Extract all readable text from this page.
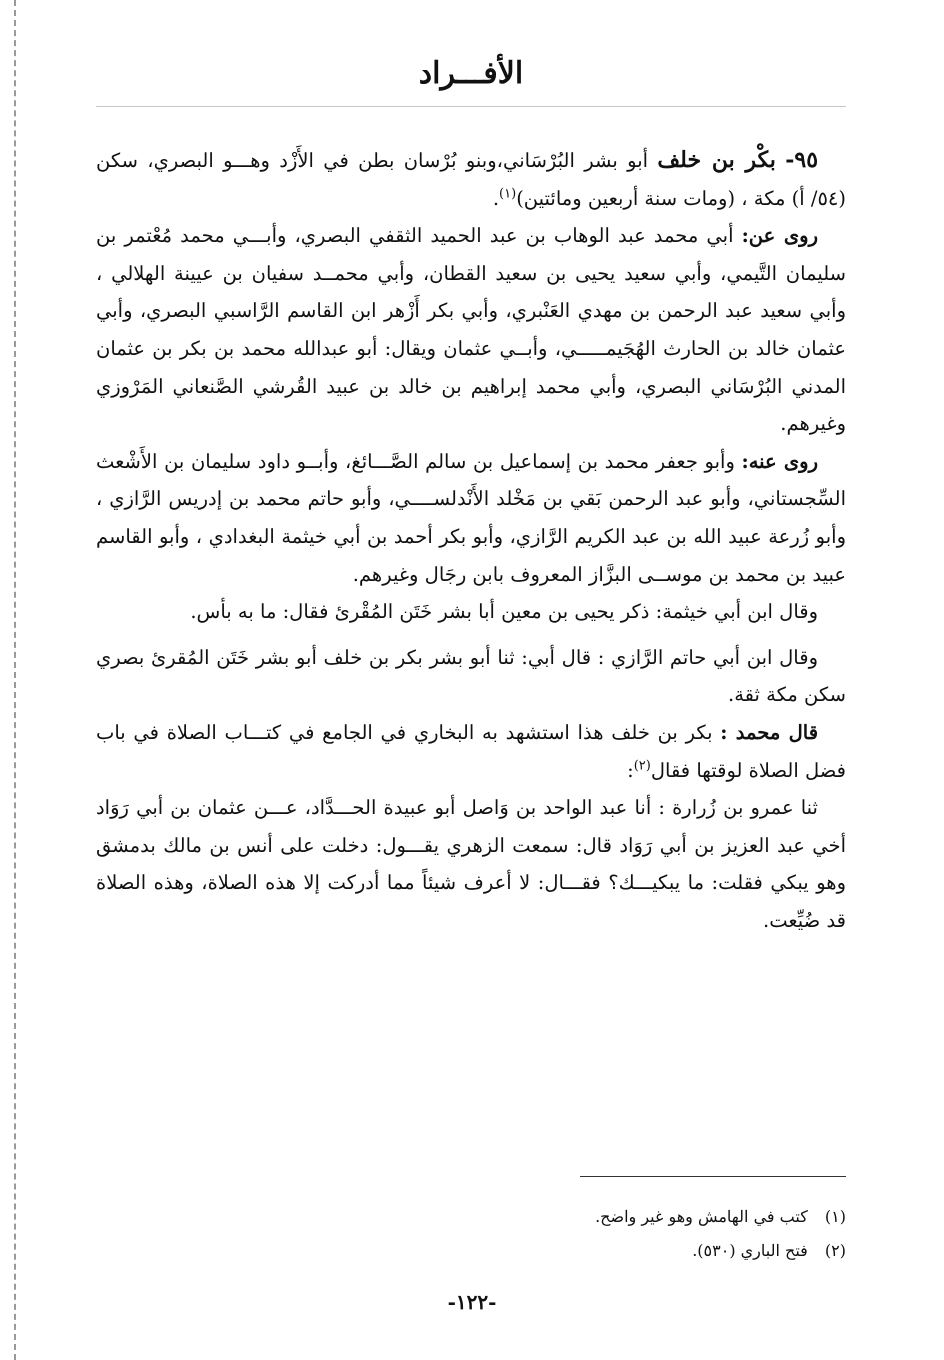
الأفـــراد

٩٥- بكْر بن خلف أبو بشر البُرْسَاني،وبنو بُرْسان بطن في الأَزْد وهـــو البصري، سكن (٥٤/ أ) مكة ، (ومات سنة أربعين ومائتين)$^{(١)}$.

روى عن: أبي محمد عبد الوهاب بن عبد الحميد الثقفي البصري، وأبـــي محمد مُعْتمر بن سليمان التَّيمي، وأبي سعيد يحيى بن سعيد القطان، وأبي محمــد سفيان بن عيينة الهلالي ، وأبي سعيد عبد الرحمن بن مهدي العَنْبري، وأبي بكر أَزْهر ابن القاسم الرَّاسبي البصري، وأبي عثمان خالد بن الحارث الهُجَيمـــــي، وأبــي عثمان ويقال: أبو عبدالله محمد بن بكر بن عثمان المدني البُرْسَاني البصري، وأبي محمد إبراهيم بن خالد بن عبيد القُرشي الصَّنعاني المَرْوزي وغيرهم.

روى عنه: وأبو جعفر محمد بن إسماعيل بن سالم الصَّـــائغ، وأبــو داود سليمان بن الأَشْعث السِّجستاني، وأبو عبد الرحمن بَقي بن مَخْلد الأَنْدلســــي، وأبو حاتم محمد بن إدريس الرَّازي ، وأبو زُرعة عبيد الله بن عبد الكريم الرَّازي، وأبو بكر أحمد بن أبي خيثمة البغدادي ، وأبو القاسم عبيد بن محمد بن موســى البزَّاز المعروف بابن رجَال وغيرهم.

وقال ابن أبي خيثمة: ذكر يحيى بن معين أبا بشر خَتَن المُقْرئ فقال: ما به بأس.

وقال ابن أبي حاتم الرَّازي : قال أبي: ثنا أبو بشر بكر بن خلف أبو بشر خَتَن المُقرئ بصري سكن مكة ثقة.

قال محمد : بكر بن خلف هذا استشهد به البخاري في الجامع في كتـــاب الصلاة في باب فضل الصلاة لوقتها فقال$^{(٢)}$:

ثنا عمرو بن زُرارة : أنا عبد الواحد بن وَاصل أبو عبيدة الحـــدَّاد، عـــن عثمان بن أبي رَوَاد أخي عبد العزيز بن أبي رَوَاد قال: سمعت الزهري يقـــول: دخلت على أنس بن مالك بدمشق وهو يبكي فقلت: ما يبكيـــك؟ فقـــال: لا أعرف شيئاً مما أدركت إلا هذه الصلاة، وهذه الصلاة قد ضُيِّعت.

(١) كتب في الهامش وهو غير واضح.

(٢) فتح الباري (٥٣٠).

-١٢٢-
